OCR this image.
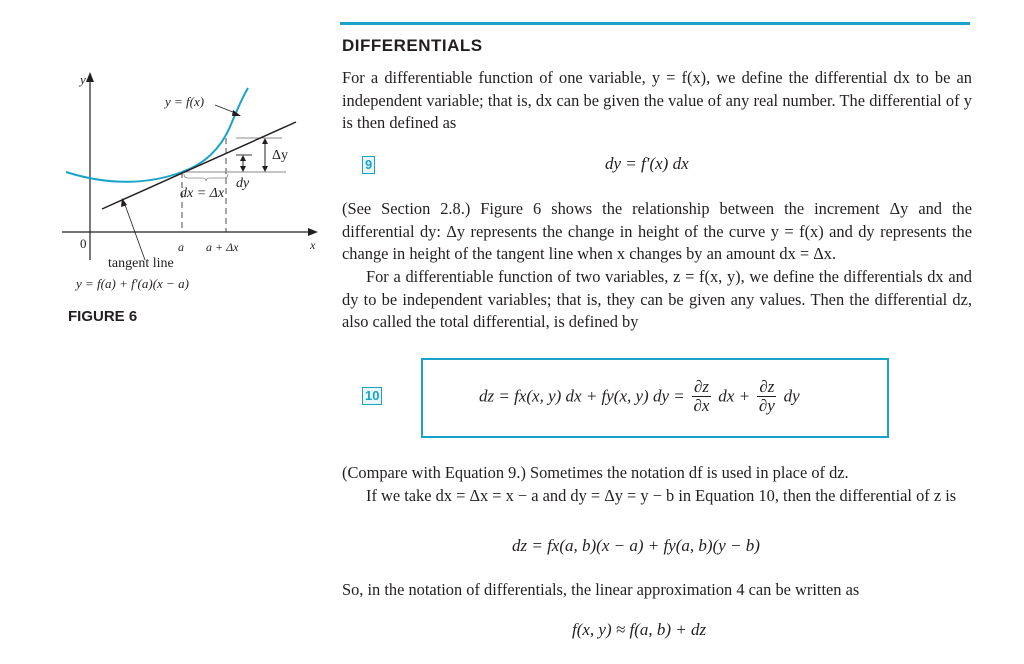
y
y = f(x)
Δy
dy
dx = Δx
0	a a + Δx	x
tangent line
y = f(a) + f′(a)(x − a)
FIGURE 6
DIFFERENTIALS
For a differentiable function of one variable, y = f(x), we define the differential dx to be an independent variable; that is, dx can be given the value of any real number. The differential of y is then defined as
9	dy = f′(x) dx
(See Section 2.8.) Figure 6 shows the relationship between the increment Δy and the differential dy: Δy represents the change in height of the curve y = f(x) and dy represents the change in height of the tangent line when x changes by an amount dx = Δx.
For a differentiable function of two variables, z = f(x, y), we define the differentials dx and dy to be independent variables; that is, they can be given any values. Then the differential dz, also called the total differential, is defined by
10	dz = fx(x, y) dx + fy(x, y) dy = $\frac{\partial z}{\partial x}$ dx + $\frac{\partial z}{\partial y}$ dy
(Compare with Equation 9.) Sometimes the notation df is used in place of dz.
If we take dx = Δx = x − a and dy = Δy = y − b in Equation 10, then the differential of z is
dz = fx(a, b)(x − a) + fy(a, b)(y − b)
So, in the notation of differentials, the linear approximation 4 can be written as
f(x, y) ≈ f(a, b) + dz
